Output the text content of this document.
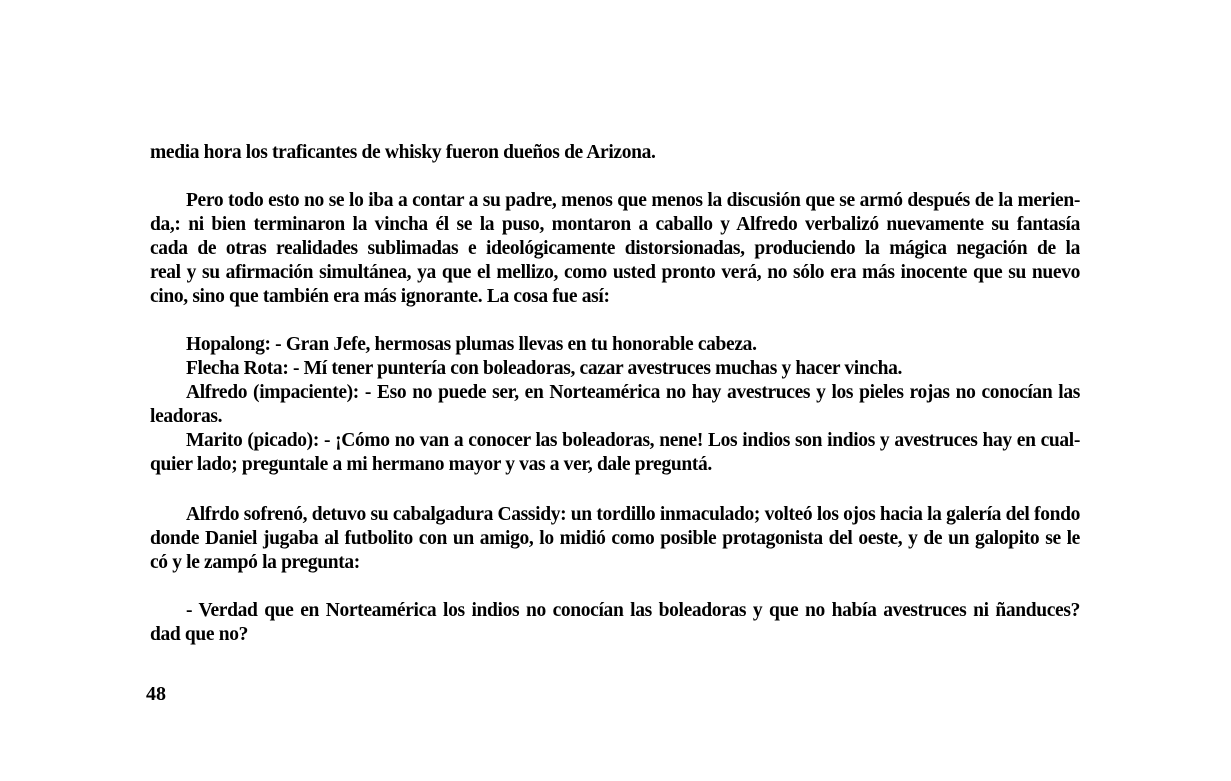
media hora los traficantes de whisky fueron dueños de Arizona.
Pero todo esto no se lo iba a contar a su padre, menos que menos la discusión que se armó después de la merien-
da,: ni bien terminaron la vincha él se la puso, montaron a caballo y Alfredo verbalizó nuevamente su fantasía
cada de otras realidades sublimadas e ideológicamente distorsionadas, produciendo la mágica negación de la
real y su afirmación simultánea, ya que el mellizo, como usted pronto verá, no sólo era más inocente que su nuevo
cino, sino que también era más ignorante. La cosa fue así:
Hopalong: - Gran Jefe, hermosas plumas llevas en tu honorable cabeza.
Flecha Rota: - Mí tener puntería con boleadoras, cazar avestruces muchas y hacer vincha.
Alfredo (impaciente): - Eso no puede ser, en Norteamérica no hay avestruces y los pieles rojas no conocían las
leadoras.
Marito (picado): - ¡Cómo no van a conocer las boleadoras, nene! Los indios son indios y avestruces hay en cual-
quier lado; preguntale a mi hermano mayor y vas a ver, dale preguntá.
Alfrdo sofrenó, detuvo su cabalgadura Cassidy: un tordillo inmaculado; volteó los ojos hacia la galería del fondo
donde Daniel jugaba al futbolito con un amigo, lo midió como posible protagonista del oeste, y de un galopito se le
có y le zampó la pregunta:
- Verdad que en Norteamérica los indios no conocían las boleadoras y que no había avestruces ni ñanduces?
dad que no?
48
